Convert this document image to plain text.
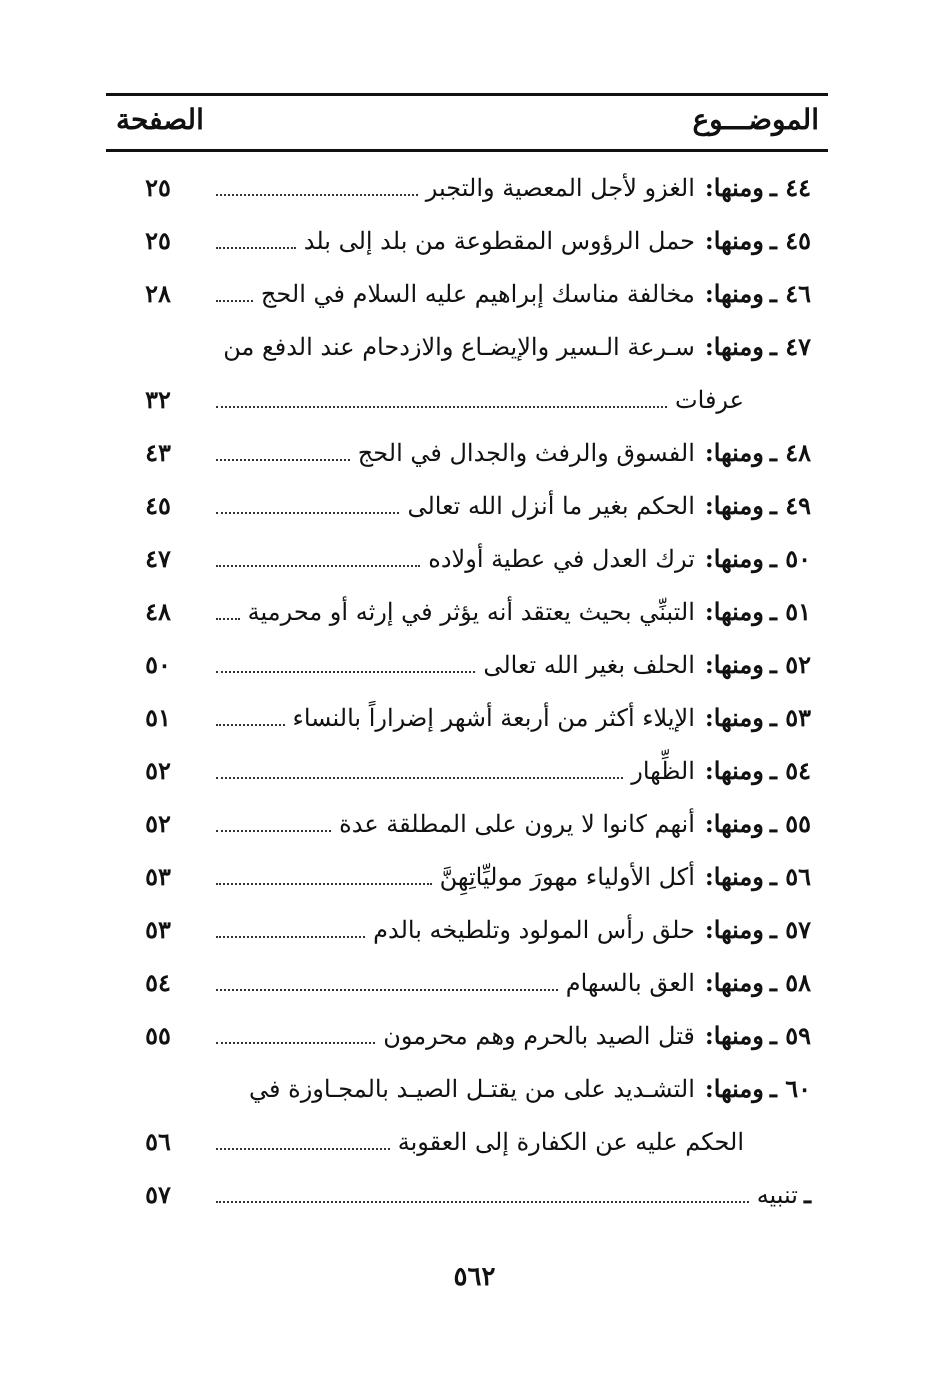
الموضـــوع
الصفحة
٤٤ ـ
ومنها:
الغزو لأجل المعصية والتجبر
٢٥
٤٥ ـ
ومنها:
حمل الرؤوس المقطوعة من بلد إلى بلد
٢٥
٤٦ ـ
ومنها:
مخالفة مناسك إبراهيم عليه السلام في الحج
٢٨
٤٧ ـ
ومنها:
سـرعة الـسير والإيضـاع والازدحام عند الدفع من
عرفات
٣٢
٤٨ ـ
ومنها:
الفسوق والرفث والجدال في الحج
٤٣
٤٩ ـ
ومنها:
الحكم بغير ما أنزل الله تعالى
٤٥
٥٠ ـ
ومنها:
ترك العدل في عطية أولاده
٤٧
٥١ ـ
ومنها:
التبنِّي بحيث يعتقد أنه يؤثر في إرثه أو محرمية
٤٨
٥٢ ـ
ومنها:
الحلف بغير الله تعالى
٥٠
٥٣ ـ
ومنها:
الإيلاء أكثر من أربعة أشهر إضراراً بالنساء
٥١
٥٤ ـ
ومنها:
الظِّهار
٥٢
٥٥ ـ
ومنها:
أنهم كانوا لا يرون على المطلقة عدة
٥٢
٥٦ ـ
ومنها:
أكل الأولياء مهورَ موليِّاتِهِنَّ
٥٣
٥٧ ـ
ومنها:
حلق رأس المولود وتلطيخه بالدم
٥٣
٥٨ ـ
ومنها:
العق بالسهام
٥٤
٥٩ ـ
ومنها:
قتل الصيد بالحرم وهم محرمون
٥٥
٦٠ ـ
ومنها:
التشـديد على من يقتـل الصيـد بالمجـاوزة في
الحكم عليه عن الكفارة إلى العقوبة
٥٦
ـ
تنبيه
٥٧
٥٦٢
